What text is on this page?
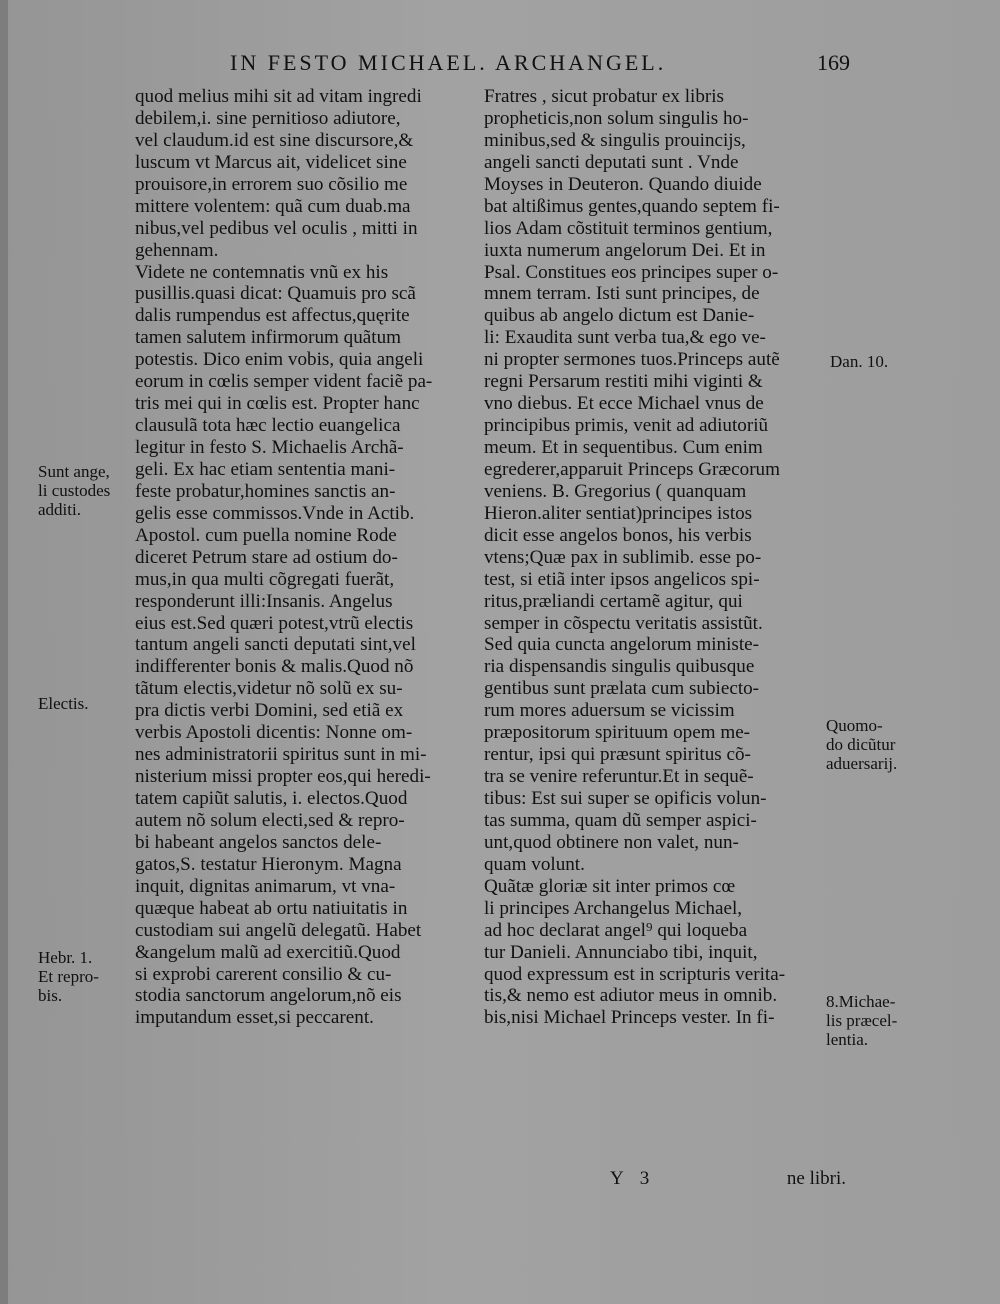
IN FESTO MICHAEL. ARCHANGEL.	169
quod melius mihi sit ad vitam ingredi
debilem,i. sine pernitioso adiutore,
vel claudum.id est sine discursore,&
luscum vt Marcus ait, videlicet sine
prouisore,in errorem suo cõsilio me
mittere volentem: quã cum duab.ma
nibus,vel pedibus vel oculis , mitti in
gehennam.
Videte ne contemnatis vnũ ex his
pusillis.quasi dicat: Quamuis pro scã
dalis rumpendus est affectus,quęrite
tamen salutem infirmorum quãtum
potestis. Dico enim vobis, quia angeli
eorum in cœlis semper vident faciẽ pa-
tris mei qui in cœlis est. Propter hanc
clausulã tota hæc lectio euangelica
legitur in festo S. Michaelis Archã-
geli. Ex hac etiam sententia mani-
feste probatur,homines sanctis an-
gelis esse commissos.Vnde in Actib.
Apostol. cum puella nomine Rode
diceret Petrum stare ad ostium do-
mus,in qua multi cõgregati fuerãt,
responderunt illi:Insanis. Angelus
eius est.Sed quæri potest,vtrũ electis
tantum angeli sancti deputati sint,vel
indifferenter bonis & malis.Quod nõ
tãtum electis,videtur nõ solũ ex su-
pra dictis verbi Domini, sed etiã ex
verbis Apostoli dicentis: Nonne om-
nes administratorii spiritus sunt in mi-
nisterium missi propter eos,qui heredi-
tatem capiũt salutis, i. electos.Quod
autem nõ solum electi,sed & repro-
bi habeant angelos sanctos dele-
gatos,S. testatur Hieronym. Magna
inquit, dignitas animarum, vt vna-
quæque habeat ab ortu natiuitatis in
custodiam sui angelũ delegatũ. Habet
&angelum malũ ad exercitiũ.Quod
si exprobi carerent consilio & cu-
stodia sanctorum angelorum,nõ eis
imputandum esset,si peccarent.
Fratres , sicut probatur ex libris
propheticis,non solum singulis ho-
minibus,sed & singulis prouincijs,
angeli sancti deputati sunt . Vnde
Moyses in Deuteron. Quando diuide
bat altißimus gentes,quando septem fi-
lios Adam cõstituit terminos gentium,
iuxta numerum angelorum Dei. Et in
Psal. Constitues eos principes super o-
mnem terram. Isti sunt principes, de
quibus ab angelo dictum est Danie-
li: Exaudita sunt verba tua,& ego ve-
ni propter sermones tuos.Princeps autẽ
regni Persarum restiti mihi viginti &
vno diebus. Et ecce Michael vnus de
principibus primis, venit ad adiutoriũ
meum. Et in sequentibus. Cum enim
egrederer,apparuit Princeps Græcorum
veniens. B. Gregorius ( quanquam
Hieron.aliter sentiat)principes istos
dicit esse angelos bonos, his verbis
vtens;Quæ pax in sublimib. esse po-
test, si etiã inter ipsos angelicos spi-
ritus,præliandi certamẽ agitur, qui
semper in cõspectu veritatis assistũt.
Sed quia cuncta angelorum ministe-
ria dispensandis singulis quibusque
gentibus sunt prælata cum subiecto-
rum mores aduersum se vicissim
præpositorum spirituum opem me-
rentur, ipsi qui præsunt spiritus cõ-
tra se venire referuntur.Et in sequẽ-
tibus: Est sui super se opificis volun-
tas summa, quam dũ semper aspici-
unt,quod obtinere non valet, nun-
quam volunt.
Quãtæ gloriæ sit inter primos cœ
li principes Archangelus Michael,
ad hoc declarat angel⁹ qui loqueba
tur Danieli. Annunciabo tibi, inquit,
quod expressum est in scripturis verita-
tis,& nemo est adiutor meus in omnib.
bis,nisi Michael Princeps vester. In fi-
Sunt ange,
li custodes
additi.
Electis.
Hebr. 1.
Et repro-
bis.
Dan. 10.
Quomo-
do dicũtur
aduersarij.
8.Michae-
lis præcel-
lentia.
Y 3	ne libri.
